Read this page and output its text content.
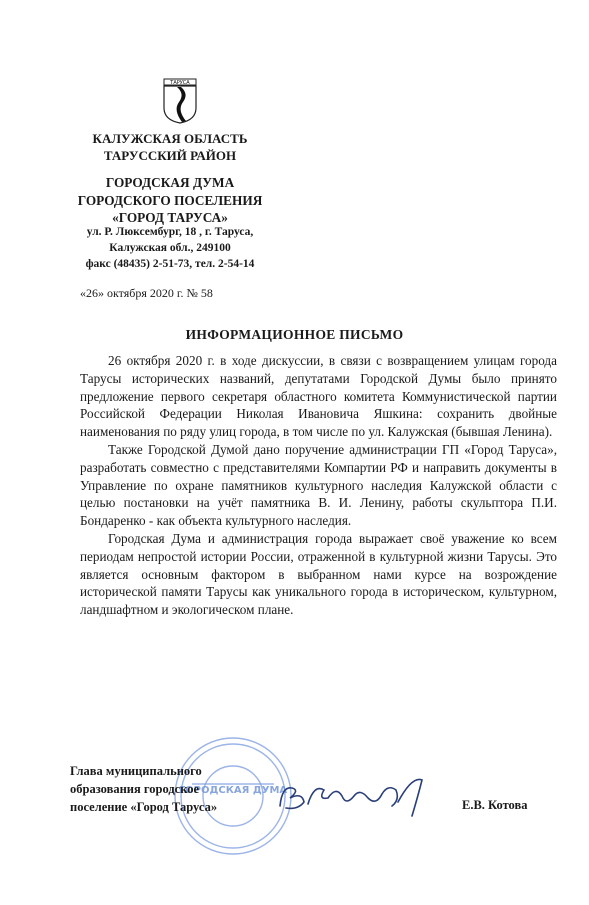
ТАРУСА
КАЛУЖСКАЯ ОБЛАСТЬ
ТАРУССКИЙ РАЙОН
ГОРОДСКАЯ ДУМА
ГОРОДСКОГО ПОСЕЛЕНИЯ
«ГОРОД ТАРУСА»
ул. Р. Люксембург, 18 , г. Таруса,
Калужская обл., 249100
факс (48435) 2-51-73, тел. 2-54-14
«26» октября 2020 г. № 58
ИНФОРМАЦИОННОЕ ПИСЬМО

26 октября 2020 г. в ходе дискуссии, в связи с возвращением улицам города Тарусы исторических названий, депутатами Городской Думы было принято предложение первого секретаря областного комитета Коммунистической партии Российской Федерации Николая Ивановича Яшкина: сохранить двойные наименования по ряду улиц города, в том числе по ул. Калужская (бывшая Ленина).

Также Городской Думой дано поручение администрации ГП «Город Таруса», разработать совместно с представителями Компартии РФ и направить документы в Управление по охране памятников культурного наследия Калужской области с целью постановки на учёт памятника В. И. Ленину, работы скульптора П.И. Бондаренко - как объекта культурного наследия.

Городская Дума и администрация города выражает своё уважение ко всем периодам непростой истории России, отраженной в культурной жизни Тарусы. Это является основным фактором в выбранном нами курсе на возрождение исторической памяти Тарусы как уникального города в историческом, культурном, ландшафтном и экологическом плане.

ГОРОДСКАЯ ДУМА
Глава муниципального
образования городское
поселение «Город Таруса»	Е.В. Котова
